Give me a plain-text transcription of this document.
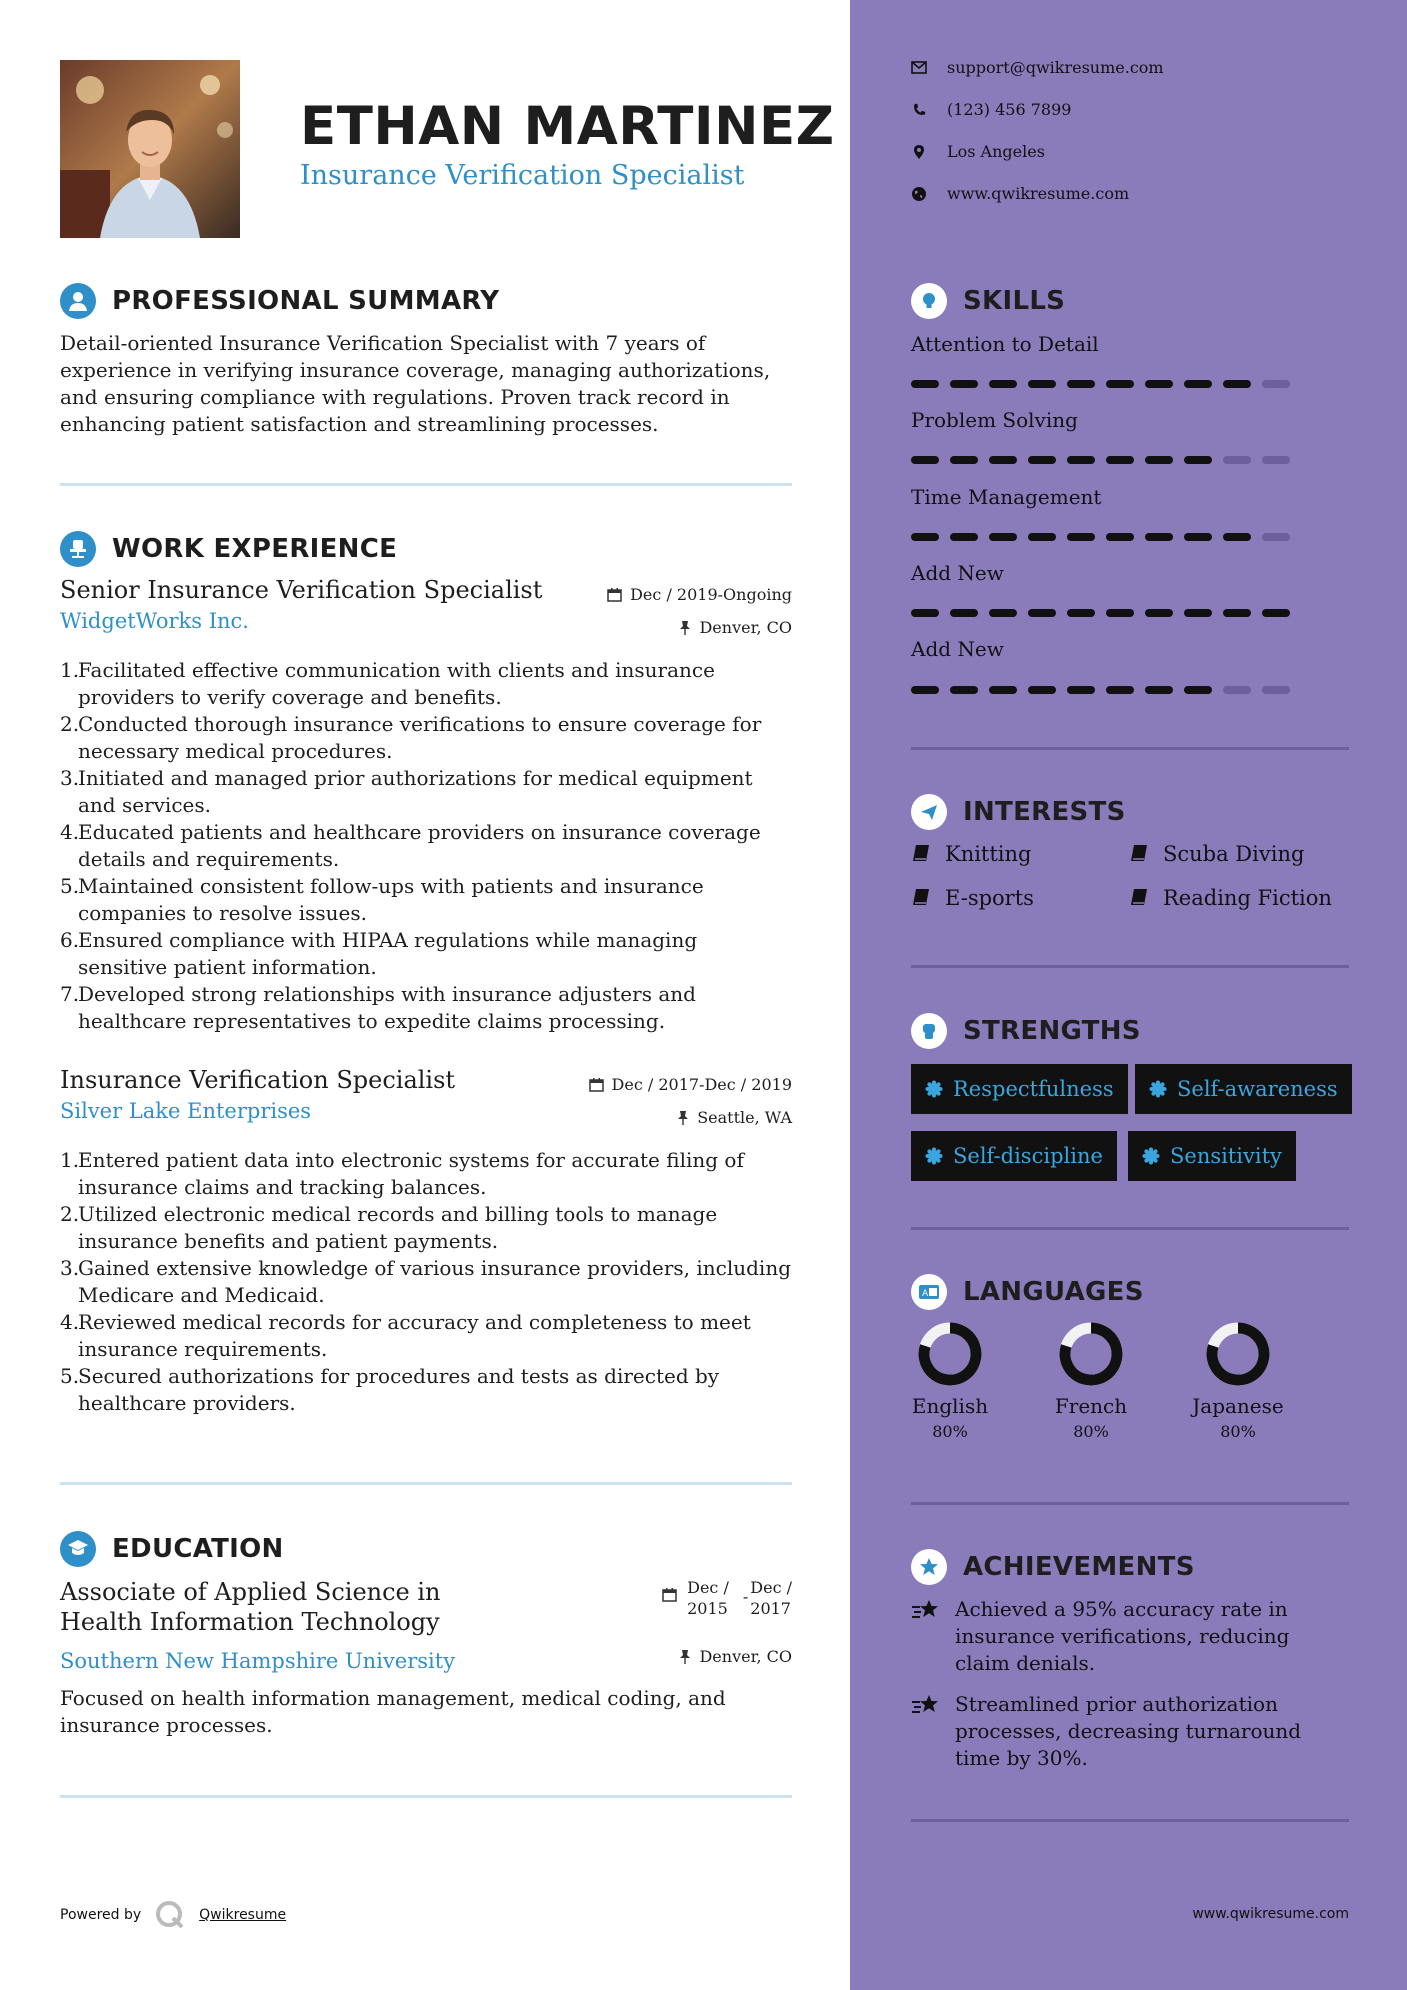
ETHAN MARTINEZ
Insurance Verification Specialist
PROFESSIONAL SUMMARY
Detail-oriented Insurance Verification Specialist with 7 years of experience in verifying insurance coverage, managing authorizations, and ensuring compliance with regulations. Proven track record in enhancing patient satisfaction and streamlining processes.
WORK EXPERIENCE
Senior Insurance Verification Specialist
WidgetWorks Inc.
Dec / 2019-Ongoing
Denver, CO
1.
Facilitated effective communication with clients and insurance providers to verify coverage and benefits.
2.
Conducted thorough insurance verifications to ensure coverage for necessary medical procedures.
3.
Initiated and managed prior authorizations for medical equipment and services.
4.
Educated patients and healthcare providers on insurance coverage details and requirements.
5.
Maintained consistent follow-ups with patients and insurance companies to resolve issues.
6.
Ensured compliance with HIPAA regulations while managing sensitive patient information.
7.
Developed strong relationships with insurance adjusters and healthcare representatives to expedite claims processing.
Insurance Verification Specialist
Silver Lake Enterprises
Dec / 2017-Dec / 2019
Seattle, WA
1.
Entered patient data into electronic systems for accurate filing of insurance claims and tracking balances.
2.
Utilized electronic medical records and billing tools to manage insurance benefits and patient payments.
3.
Gained extensive knowledge of various insurance providers, including Medicare and Medicaid.
4.
Reviewed medical records for accuracy and completeness to meet insurance requirements.
5.
Secured authorizations for procedures and tests as directed by healthcare providers.
EDUCATION
Associate of Applied Science in Health Information Technology
Southern New Hampshire University
Dec /
2015
- Dec /
2017
Denver, CO
Focused on health information management, medical coding, and insurance processes.
support@qwikresume.com
(123) 456 7899
Los Angeles
www.qwikresume.com
SKILLS
Attention to Detail
Problem Solving
Time Management
Add New
Add New
INTERESTS
Knitting	Scuba Diving
E-sports	Reading Fiction
STRENGTHS
Respectfulness	Self-awareness
Self-discipline	Sensitivity
A LANGUAGES
English
80%
French
80%
Japanese
80%
ACHIEVEMENTS
Achieved a 95% accuracy rate in insurance verifications, reducing claim denials.
Streamlined prior authorization processes, decreasing turnaround time by 30%.
Powered by	Qwikresume	www.qwikresume.com
